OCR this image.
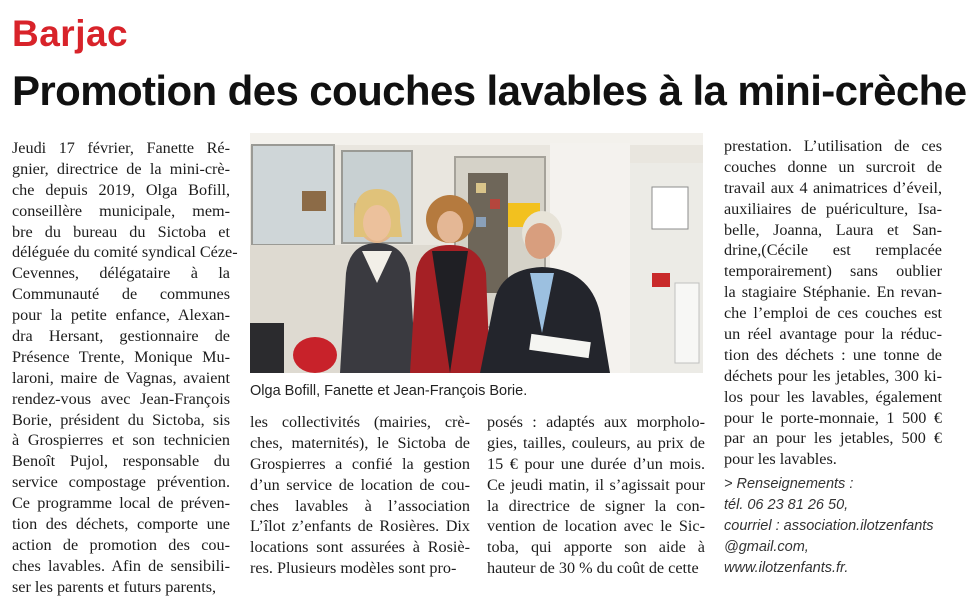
Barjac
Promotion des couches lavables à la mini-crèche
Jeudi 17 février, Fanette Ré-
gnier, directrice de la mini-crè-
che depuis 2019, Olga Bofill,
conseillère municipale, mem-
bre du bureau du Sictoba et
déléguée du comité syndical Céze-
Cevennes, délégataire à la
Communauté de communes
pour la petite enfance, Alexan-
dra Hersant, gestionnaire de
Présence Trente, Monique Mu-
laroni, maire de Vagnas, avaient
rendez-vous avec Jean-François
Borie, président du Sictoba, sis
à Grospierres et son technicien
Benoît Pujol, responsable du
service compostage prévention.
Ce programme local de préven-
tion des déchets, comporte une
action de promotion des cou-
ches lavables. Afin de sensibili-
ser les parents et futurs parents,
Olga Bofill, Fanette et Jean-François Borie.
les collectivités (mairies, crè-
ches, maternités), le Sictoba de
Grospierres a confié la gestion
d’un service de location de cou-
ches lavables à l’association
L’îlot z’enfants de Rosières. Dix
locations sont assurées à Rosiè-
res. Plusieurs modèles sont pro-
posés : adaptés aux morpholo-
gies, tailles, couleurs, au prix de
15 € pour une durée d’un mois.
Ce jeudi matin, il s’agissait pour
la directrice de signer la con-
vention de location avec le Sic-
toba, qui apporte son aide à
hauteur de 30 % du coût de cette
prestation. L’utilisation de ces
couches donne un surcroit de
travail aux 4 animatrices d’éveil,
auxiliaires de puériculture, Isa-
belle, Joanna, Laura et San-
drine,(Cécile est remplacée
temporairement) sans oublier
la stagiaire Stéphanie. En revan-
che l’emploi de ces couches est
un réel avantage pour la réduc-
tion des déchets : une tonne de
déchets pour les jetables, 300 ki-
los pour les lavables, également
pour le porte-monnaie, 1 500 €
par an pour les jetables, 500 €
pour les lavables.
> Renseignements :
tél. 06 23 81 26 50,
courriel : association.ilotzenfants
@gmail.com,
www.ilotzenfants.fr.
